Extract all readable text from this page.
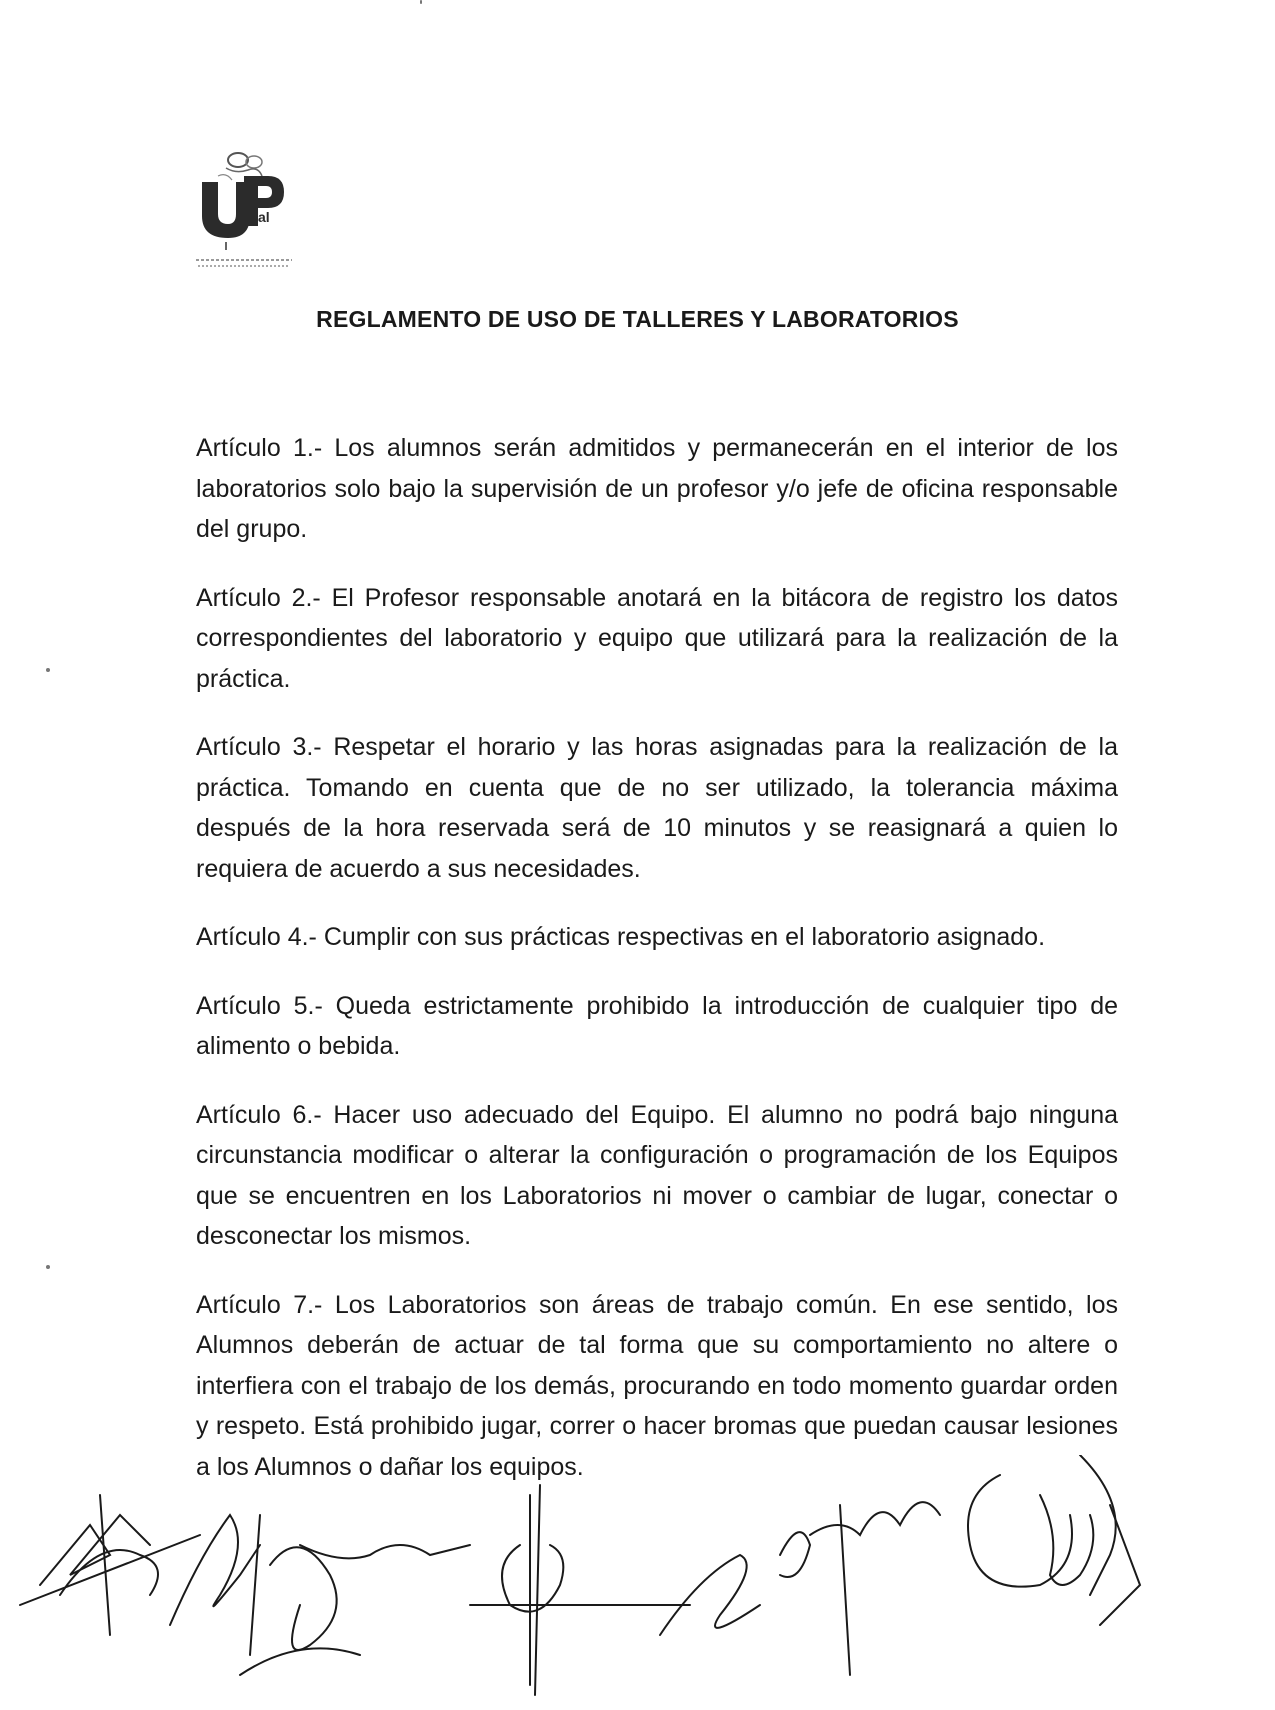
al
REGLAMENTO DE USO DE TALLERES Y LABORATORIOS

Artículo 1.- Los alumnos serán admitidos y permanecerán en el interior de los laboratorios solo bajo la supervisión de un profesor y/o jefe de oficina responsable del grupo.

Artículo 2.- El Profesor responsable anotará en la bitácora de registro los datos correspondientes del laboratorio y equipo que utilizará para la realización de la práctica.

Artículo 3.- Respetar el horario y las horas asignadas para la realización de la práctica. Tomando en cuenta que de no ser utilizado, la tolerancia máxima después de la hora reservada será de 10 minutos y se reasignará a quien lo requiera de acuerdo a sus necesidades.

Artículo 4.- Cumplir con sus prácticas respectivas en el laboratorio asignado.

Artículo 5.- Queda estrictamente prohibido la introducción de cualquier tipo de alimento o bebida.

Artículo 6.- Hacer uso adecuado del Equipo. El alumno no podrá bajo ninguna circunstancia modificar o alterar la configuración o programación de los Equipos que se encuentren en los Laboratorios ni mover o cambiar de lugar, conectar o desconectar los mismos.

Artículo 7.- Los Laboratorios son áreas de trabajo común. En ese sentido, los Alumnos deberán de actuar de tal forma que su comportamiento no altere o interfiera con el trabajo de los demás, procurando en todo momento guardar orden y respeto. Está prohibido jugar, correr o hacer bromas que puedan causar lesiones a los Alumnos o dañar los equipos.
